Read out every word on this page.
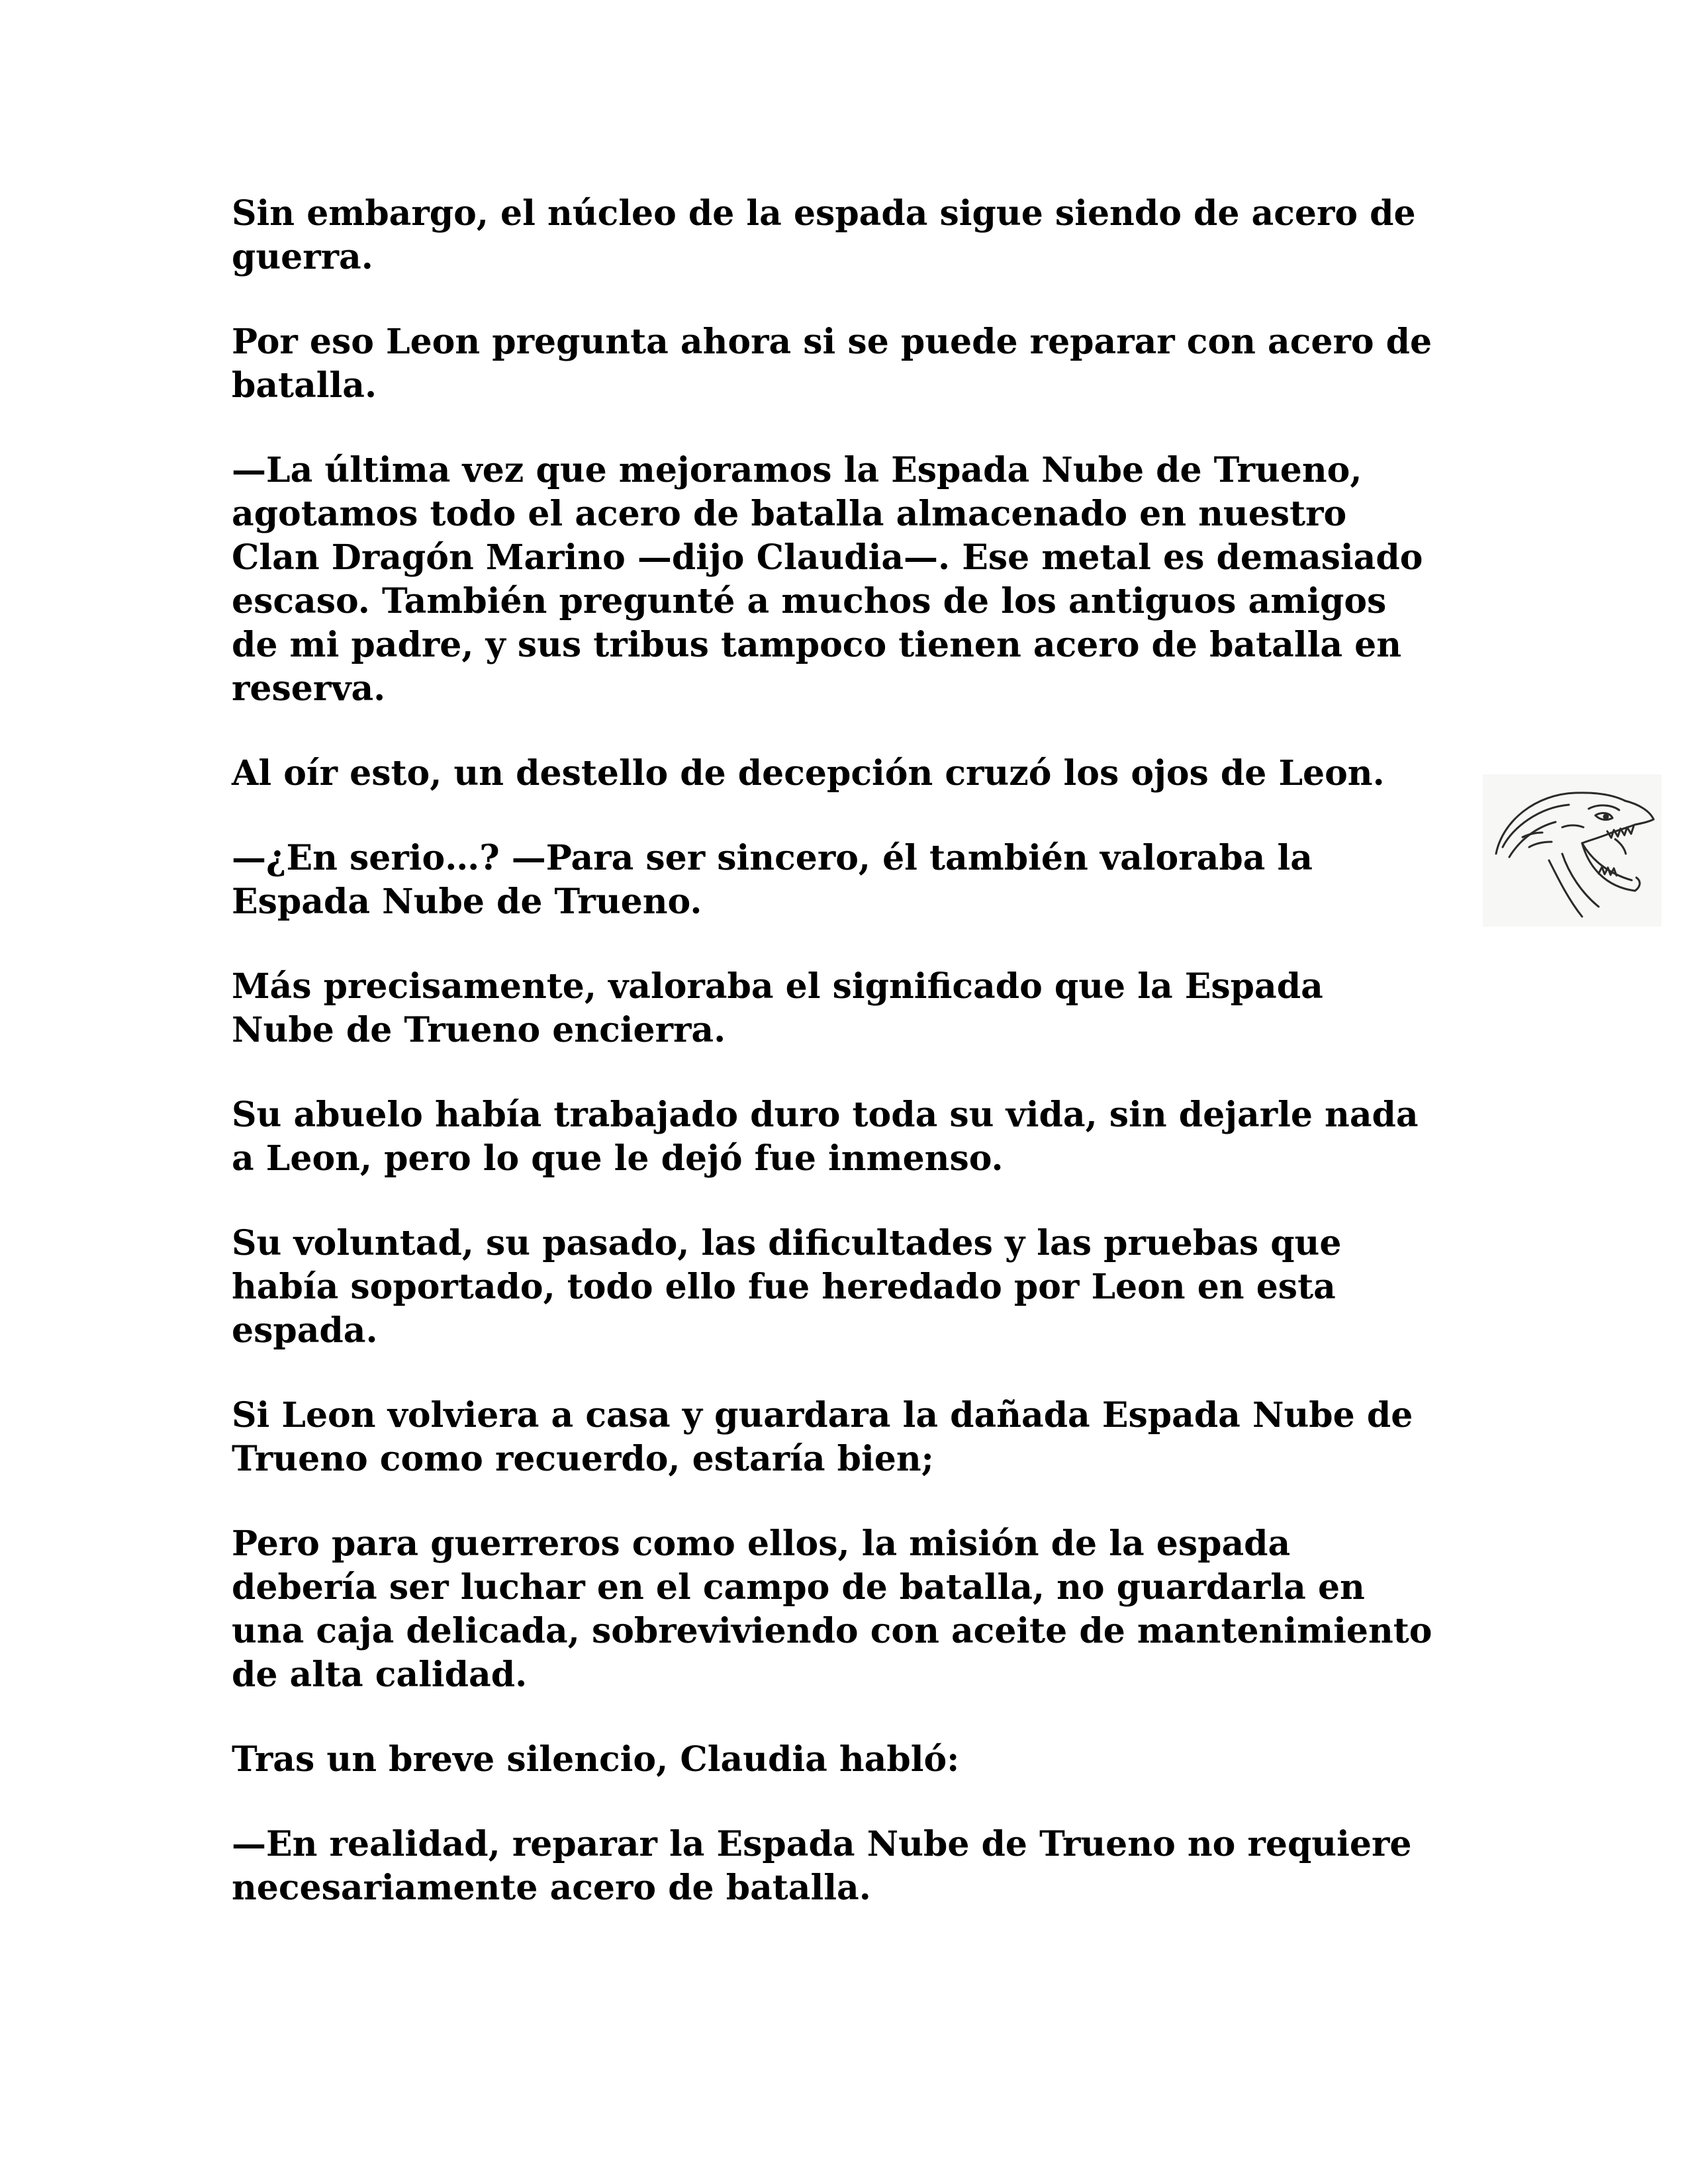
Sin embargo, el núcleo de la espada sigue siendo de acero de guerra.

Por eso Leon pregunta ahora si se puede reparar con acero de batalla.

—La última vez que mejoramos la Espada Nube de Trueno, agotamos todo el acero de batalla almacenado en nuestro Clan Dragón Marino —dijo Claudia—. Ese metal es demasiado escaso. También pregunté a muchos de los antiguos amigos de mi padre, y sus tribus tampoco tienen acero de batalla en reserva.

Al oír esto, un destello de decepción cruzó los ojos de Leon.

—¿En serio…? —Para ser sincero, él también valoraba la Espada Nube de Trueno.

Más precisamente, valoraba el significado que la Espada Nube de Trueno encierra.

Su abuelo había trabajado duro toda su vida, sin dejarle nada a Leon, pero lo que le dejó fue inmenso.

Su voluntad, su pasado, las dificultades y las pruebas que había soportado, todo ello fue heredado por Leon en esta espada.

Si Leon volviera a casa y guardara la dañada Espada Nube de Trueno como recuerdo, estaría bien;

Pero para guerreros como ellos, la misión de la espada debería ser luchar en el campo de batalla, no guardarla en una caja delicada, sobreviviendo con aceite de mantenimiento de alta calidad.

Tras un breve silencio, Claudia habló:

—En realidad, reparar la Espada Nube de Trueno no requiere necesariamente acero de batalla.
